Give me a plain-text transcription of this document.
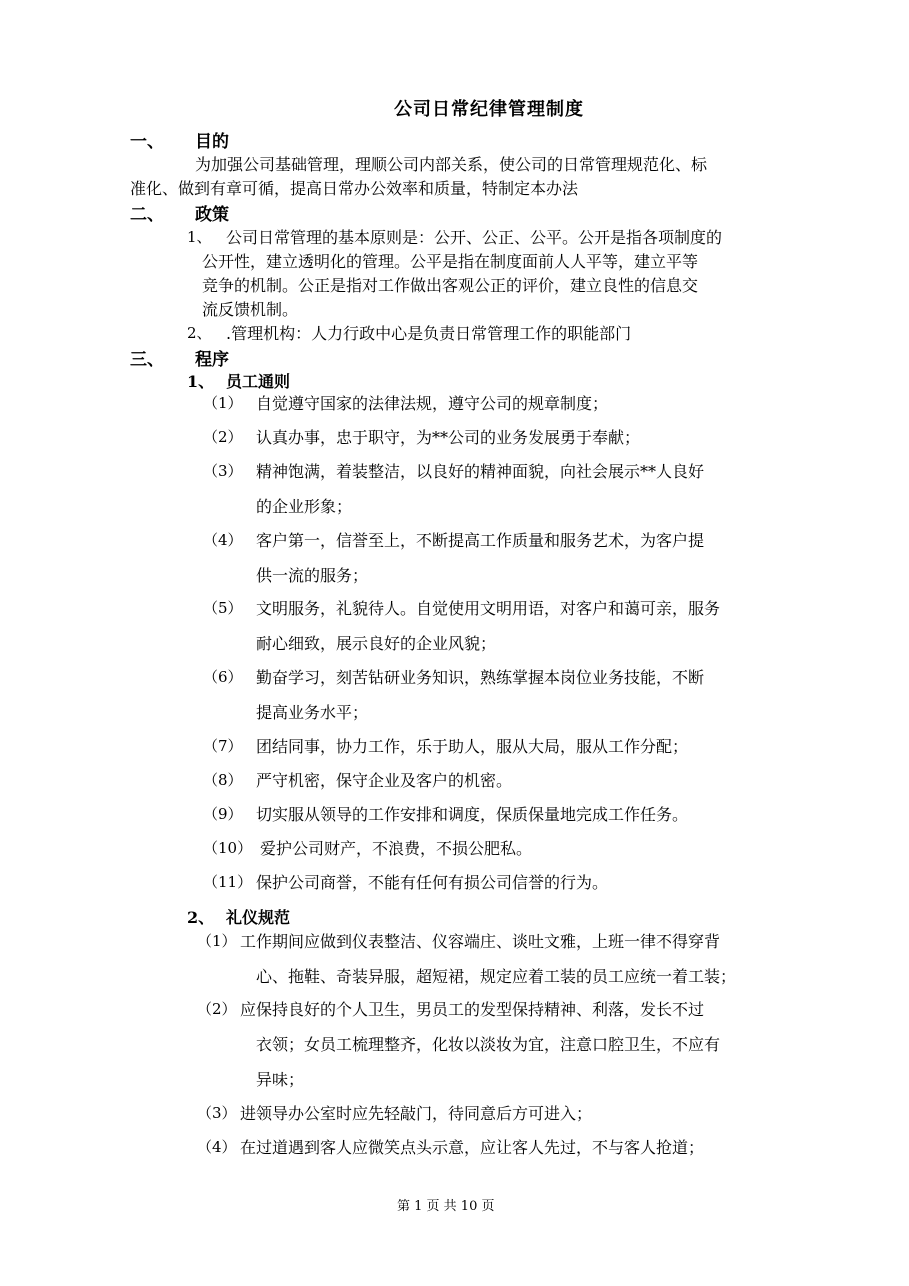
公司日常纪律管理制度
一、 目的
为加强公司基础管理，理顺公司内部关系，使公司的日常管理规范化、标
准化、做到有章可循，提高日常办公效率和质量，特制定本办法
二、 政策
1、 公司日常管理的基本原则是：公开、公正、公平。公开是指各项制度的
公开性，建立透明化的管理。公平是指在制度面前人人平等，建立平等
竞争的机制。公正是指对工作做出客观公正的评价，建立良性的信息交
流反馈机制。
2、 .管理机构：人力行政中心是负责日常管理工作的职能部门
三、 程序
1、 员工通则
（1） 自觉遵守国家的法律法规，遵守公司的规章制度；
（2） 认真办事，忠于职守，为**公司的业务发展勇于奉献；
（3） 精神饱满，着装整洁，以良好的精神面貌，向社会展示**人良好
的企业形象；
（4） 客户第一，信誉至上，不断提高工作质量和服务艺术，为客户提
供一流的服务；
（5） 文明服务，礼貌待人。自觉使用文明用语，对客户和蔼可亲，服务
耐心细致，展示良好的企业风貌；
（6） 勤奋学习，刻苦钻研业务知识，熟练掌握本岗位业务技能，不断
提高业务水平；
（7） 团结同事，协力工作，乐于助人，服从大局，服从工作分配；
（8） 严守机密，保守企业及客户的机密。
（9） 切实服从领导的工作安排和调度，保质保量地完成工作任务。
（10） 爱护公司财产，不浪费，不损公肥私。
（11） 保护公司商誉，不能有任何有损公司信誉的行为。
2、 礼仪规范
（1） 工作期间应做到仪表整洁、仪容端庄、谈吐文雅，上班一律不得穿背
心、拖鞋、奇装异服，超短裙，规定应着工装的员工应统一着工装；
（2） 应保持良好的个人卫生，男员工的发型保持精神、利落，发长不过
衣领；女员工梳理整齐，化妆以淡妆为宜，注意口腔卫生，不应有
异味；
（3） 进领导办公室时应先轻敲门，待同意后方可进入；
（4） 在过道遇到客人应微笑点头示意，应让客人先过，不与客人抢道；
第 1 页 共 10 页
